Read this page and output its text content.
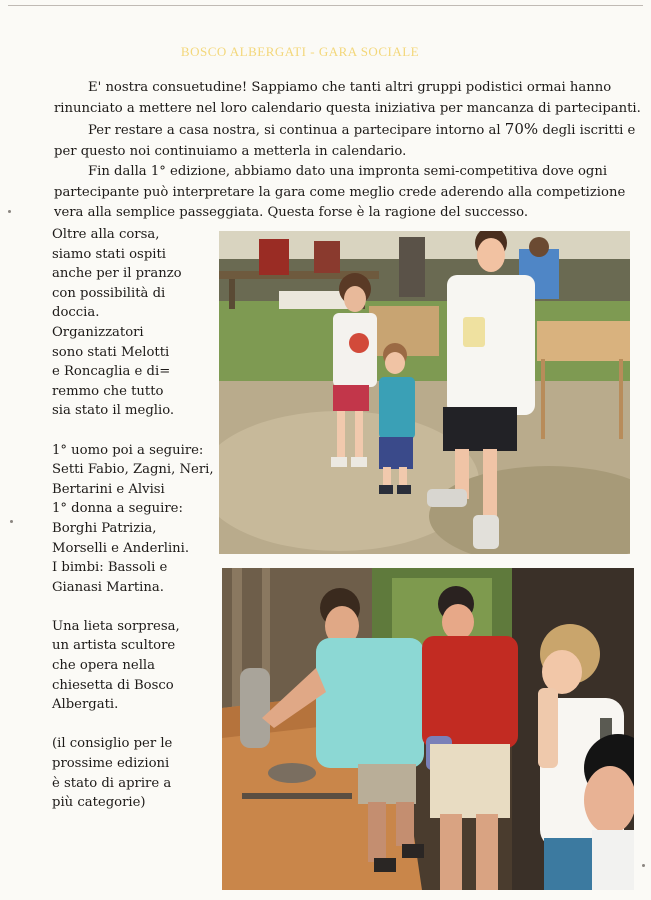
BOSCO ALBERGATI - GARA SOCIALE

E' nostra consuetudine! Sappiamo che tanti altri gruppi podistici ormai hanno rinunciato a mettere nel loro calendario questa iniziativa per mancanza di partecipanti.

Per restare a casa nostra, si continua a partecipare intorno al 70% degli iscritti e per questo noi continuiamo a metterla in calendario.

Fin dalla 1° edizione, abbiamo dato una impronta semi-competitiva dove ogni partecipante può interpretare la gara come meglio crede aderendo alla competizione vera alla semplice passeggiata. Questa forse è la ragione del successo.

Oltre alla corsa,
siamo stati ospiti
anche per il pranzo
con possibilità di
doccia.
Organizzatori
sono stati Melotti
e Roncaglia e di=
remmo che tutto
sia stato il meglio.

1° uomo poi a seguire:
Setti Fabio, Zagni, Neri,
Bertarini e Alvisi
1° donna a seguire:
Borghi Patrizia,
Morselli e Anderlini.
I bimbi: Bassoli e
Gianasi Martina.

Una lieta sorpresa,
un artista scultore
che opera nella
chiesetta di Bosco
Albergati.

(il consiglio per le
prossime edizioni
è stato di aprire a
più categorie)
